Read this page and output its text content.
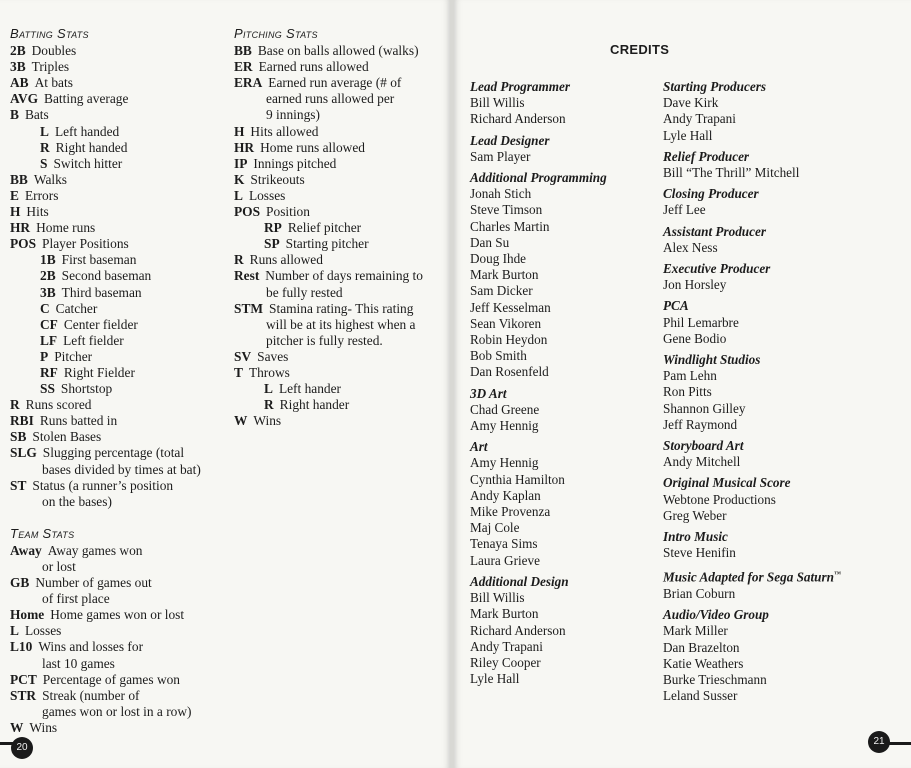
Batting Stats
2B Doubles
3B Triples
AB At bats
AVG Batting average
B Bats
L Left handed
R Right handed
S Switch hitter
BB Walks
E Errors
H Hits
HR Home runs
POS Player Positions
1B First baseman
2B Second baseman
3B Third baseman
C Catcher
CF Center fielder
LF Left fielder
P Pitcher
RF Right Fielder
SS Shortstop
R Runs scored
RBI Runs batted in
SB Stolen Bases
SLG Slugging percentage (total
bases divided by times at bat)
ST Status (a runner’s position
on the bases)
Team Stats
Away Away games won
or lost
GB Number of games out
of first place
Home Home games won or lost
L Losses
L10 Wins and losses for
last 10 games
PCT Percentage of games won
STR Streak (number of
games won or lost in a row)
W Wins
Pitching Stats
BB Base on balls allowed (walks)
ER Earned runs allowed
ERA Earned run average (# of
earned runs allowed per
9 innings)
H Hits allowed
HR Home runs allowed
IP Innings pitched
K Strikeouts
L Losses
POS Position
RP Relief pitcher
SP Starting pitcher
R Runs allowed
Rest Number of days remaining to
be fully rested
STM Stamina rating- This rating
will be at its highest when a
pitcher is fully rested.
SV Saves
T Throws
L Left hander
R Right hander
W Wins
20
CREDITS
Lead Programmer
Bill Willis
Richard Anderson
Lead Designer
Sam Player
Additional Programming
Jonah Stich
Steve Timson
Charles Martin
Dan Su
Doug Ihde
Mark Burton
Sam Dicker
Jeff Kesselman
Sean Vikoren
Robin Heydon
Bob Smith
Dan Rosenfeld
3D Art
Chad Greene
Amy Hennig
Art
Amy Hennig
Cynthia Hamilton
Andy Kaplan
Mike Provenza
Maj Cole
Tenaya Sims
Laura Grieve
Additional Design
Bill Willis
Mark Burton
Richard Anderson
Andy Trapani
Riley Cooper
Lyle Hall
Starting Producers
Dave Kirk
Andy Trapani
Lyle Hall
Relief Producer
Bill “The Thrill” Mitchell
Closing Producer
Jeff Lee
Assistant Producer
Alex Ness
Executive Producer
Jon Horsley
PCA
Phil Lemarbre
Gene Bodio
Windlight Studios
Pam Lehn
Ron Pitts
Shannon Gilley
Jeff Raymond
Storyboard Art
Andy Mitchell
Original Musical Score
Webtone Productions
Greg Weber
Intro Music
Steve Henifin
Music Adapted for Sega Saturn™
Brian Coburn
Audio/Video Group
Mark Miller
Dan Brazelton
Katie Weathers
Burke Trieschmann
Leland Susser
21
